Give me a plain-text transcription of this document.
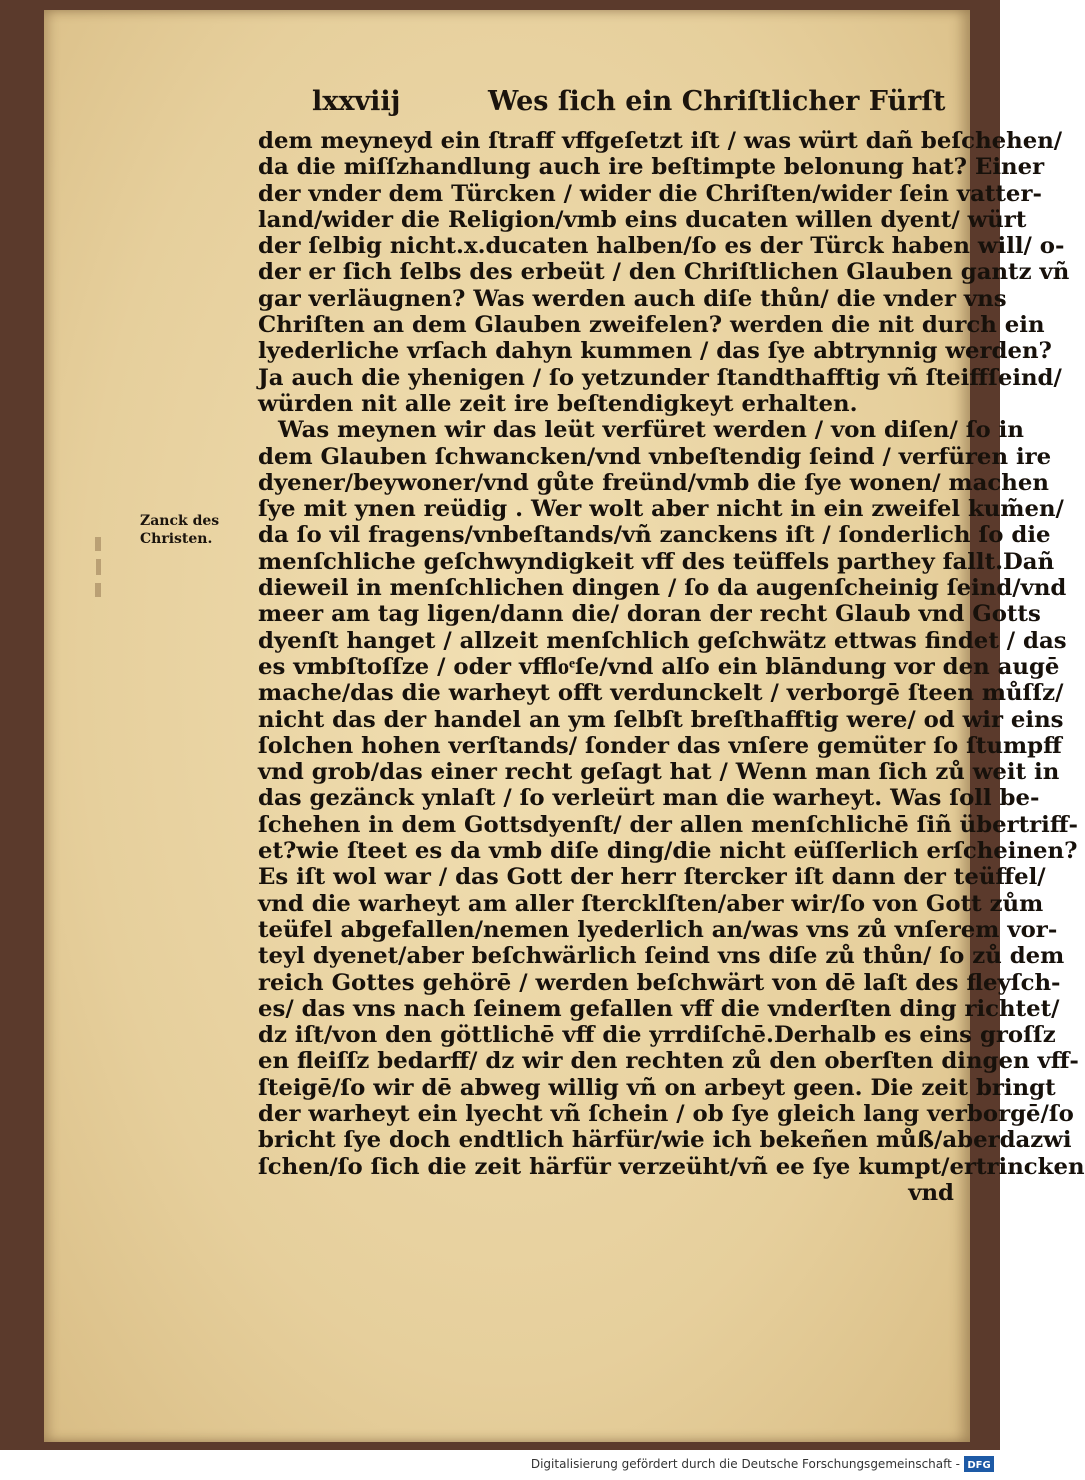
lxxviij	Wes ſich ein Chriſtlicher Fürſt
Zanck des
Christen.
dem meyneyd ein ſtraff vffgeſetzt iſt / was würt dañ beſchehen/
da die miſſzhandlung auch ire beſtimpte belonung hat? Einer
der vnder dem Türcken / wider die Chriſten/wider ſein vatter-
land/wider die Religion/vmb eins ducaten willen dyent/ würt
der ſelbig nicht.x.ducaten halben/ſo es der Türck haben will/ o-
der er ſich ſelbs des erbeüt / den Chriſtlichen Glauben gantz vñ
gar verläugnen? Was werden auch diſe thůn/ die vnder vns
Chriſten an dem Glauben zweifelen? werden die nit durch ein
lyederliche vrſach dahyn kummen / das ſye abtrynnig werden?
Ja auch die yhenigen / ſo yetzunder ſtandthafftig vñ ſteiffſeind/
würden nit alle zeit ire beſtendigkeyt erhalten.
Was meynen wir das leüt verfüret werden / von diſen/ ſo in
dem Glauben ſchwancken/vnd vnbeſtendig ſeind / verfüren ire
dyener/beywoner/vnd gůte freünd/vmb die ſye wonen/ machen
ſye mit ynen reüdig . Wer wolt aber nicht in ein zweifel kum̃en/
da ſo vil fragens/vnbeſtands/vñ zanckens iſt / ſonderlich ſo die
menſchliche geſchwyndigkeit vff des teüffels parthey fallt.Dañ
dieweil in menſchlichen dingen / ſo da augenſcheinig ſeind/vnd
meer am tag ligen/dann die/ doran der recht Glaub vnd Gotts
dyenſt hanget / allzeit menſchlich geſchwätz ettwas findet / das
es vmbſtoſſze / oder vffloͤſe/vnd alſo ein blāndung vor den augē
mache/das die warheyt offt verdunckelt / verborgē ſteen můſſz/
nicht das der handel an ym ſelbſt breſthafftig were/ od wir eins
ſolchen hohen verſtands/ ſonder das vnſere gemüter ſo ſtumpff
vnd grob/das einer recht geſagt hat / Wenn man ſich zů weit in
das gezänck ynlaſt / ſo verleürt man die warheyt. Was ſoll be-
ſchehen in dem Gottsdyenſt/ der allen menſchlichē ſiñ übertriff-
et?wie ſteet es da vmb diſe ding/die nicht eüſſerlich erſcheinen?
Es iſt wol war / das Gott der herr ſtercker iſt dann der teüffel/
vnd die warheyt am aller ſtercklſten/aber wir/ſo von Gott zům
teüfel abgefallen/nemen lyederlich an/was vns zů vnſerem vor-
teyl dyenet/aber beſchwärlich ſeind vns diſe zů thůn/ ſo zů dem
reich Gottes gehörē / werden beſchwärt von dē laſt des fleyſch-
es/ das vns nach ſeinem gefallen vff die vnderſten ding richtet/
dz iſt/von den göttlichē vff die yrrdiſchē.Derhalb es eins groſſz
en fleiſſz bedarff/ dz wir den rechten zů den oberſten dingen vff-
ſteigē/ſo wir dē abweg willig vñ on arbeyt geen. Die zeit bringt
der warheyt ein lyecht vñ ſchein / ob ſye gleich lang verborgē/ſo
bricht ſye doch endtlich härfür/wie ich bekeñen můß/aberdazwi
ſchen/ſo ſich die zeit härfür verzeüht/vñ ee ſye kumpt/ertrincken
vnd
Digitalisierung gefördert durch die Deutsche Forschungsgemeinschaft - DFG
